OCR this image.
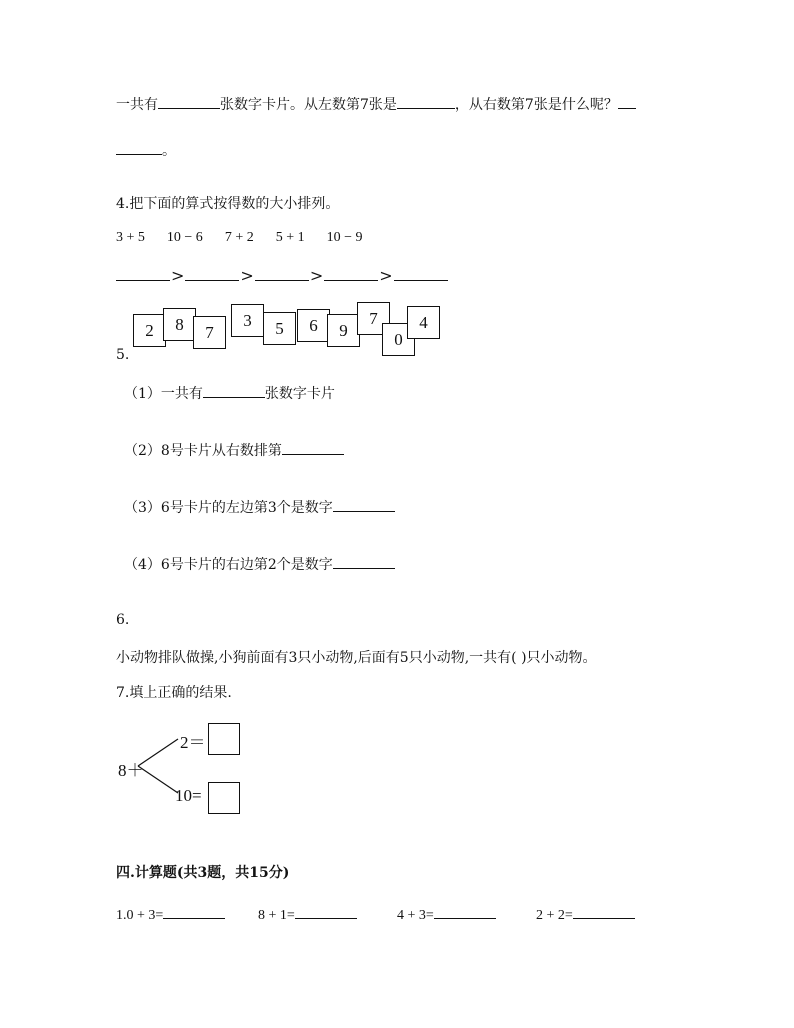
一共有	张数字卡片。从左数第7张是	，从右数第7张是什么呢？
。
4.把下面的算式按得数的大小排列。
3 + 5 10 − 6 7 + 2 5 + 1 10 − 9
>	>	>	>
2	8	7
3	5	6	9
7
0
4
5.
（1）一共有	张数字卡片
（2）8号卡片从右数排第
（3）6号卡片的左边第3个是数字
（4）6号卡片的右边第2个是数字
6.
小动物排队做操,小狗前面有3只小动物,后面有5只小动物,一共有( )只小动物。
7.填上正确的结果.
8＋
2＝
10=
四.计算题(共3题，共15分)
1.0 + 3=	8 + 1=	4 + 3=	2 + 2=
